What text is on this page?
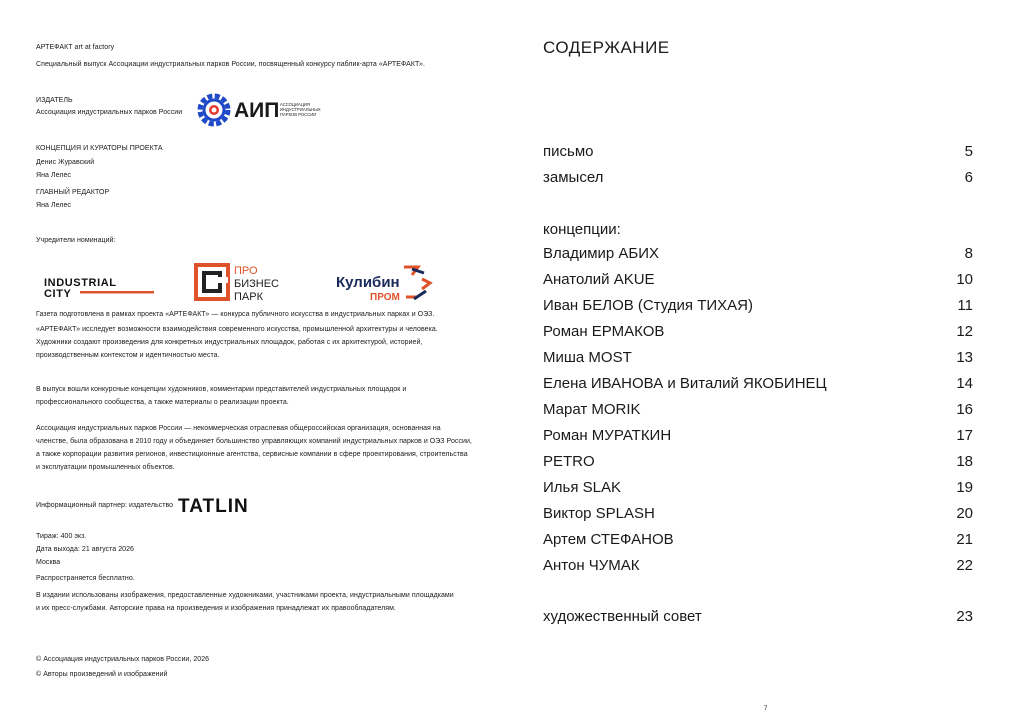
АРТЕФАКТ art at factory
Специальный выпуск Ассоциации индустриальных парков России, посвященный конкурсу паблик-арта «АРТЕФАКТ».
ИЗДАТЕЛЬ
Ассоциация индустриальных парков России АИП АССОЦИАЦИЯ
ИНДУСТРИАЛЬНЫХ
ПАРКОВ РОССИИ
КОНЦЕПЦИЯ И КУРАТОРЫ ПРОЕКТА
Денис Журавский
Яна Лелес
ГЛАВНЫЙ РЕДАКТОР
Яна Лелес
Учредители номинаций:
INDUSTRIAL
CITY
ПРО
БИЗНЕС
ПАРК
Кулибин
ПРОМ
Газета подготовлена в рамках проекта «АРТЕФАКТ» — конкурса публичного искусства в индустриальных парках и ОЭЗ.

«АРТЕФАКТ» исследует возможности взаимодействия современного искусства, промышленной архитектуры и человека.

Художники создают произведения для конкретных индустриальных площадок, работая с их архитектурой, историей,

производственным контекстом и идентичностью места.

В выпуск вошли конкурсные концепции художников, комментарии представителей индустриальных площадок и

профессионального сообщества, а также материалы о реализации проекта.

Ассоциация индустриальных парков России — некоммерческая отраслевая общероссийская организация, основанная на

членстве, была образована в 2010 году и объединяет большинство управляющих компаний индустриальных парков и ОЭЗ России,

а также корпорации развития регионов, инвестиционные агентства, сервисные компании в сфере проектирования, строительства

и эксплуатации промышленных объектов.

Информационный партнер: издательство TATLIN
Тираж: 400 экз.
Дата выхода: 21 августа 2026
Москва
Распространяется бесплатно.

В издании использованы изображения, предоставленные художниками, участниками проекта, индустриальными площадками

и их пресс-службами. Авторские права на произведения и изображения принадлежат их правообладателям.

© Ассоциация индустриальных парков России, 2026
© Авторы произведений и изображений
СОДЕРЖАНИЕ
письмо	5
замысел	6
концепции:
Владимир АБИХ	8
Анатолий AKUE	10
Иван БЕЛОВ (Студия ТИХАЯ)	11
Роман ЕРМАКОВ	12
Миша MOST	13
Елена ИВАНОВА и Виталий ЯКОБИНЕЦ	14
Марат MORIK	16
Роман МУРАТКИН	17
PETRO	18
Илья SLAK	19
Виктор SPLASH	20
Артем СТЕФАНОВ	21
Антон ЧУМАК	22
художественный совет	23
7
